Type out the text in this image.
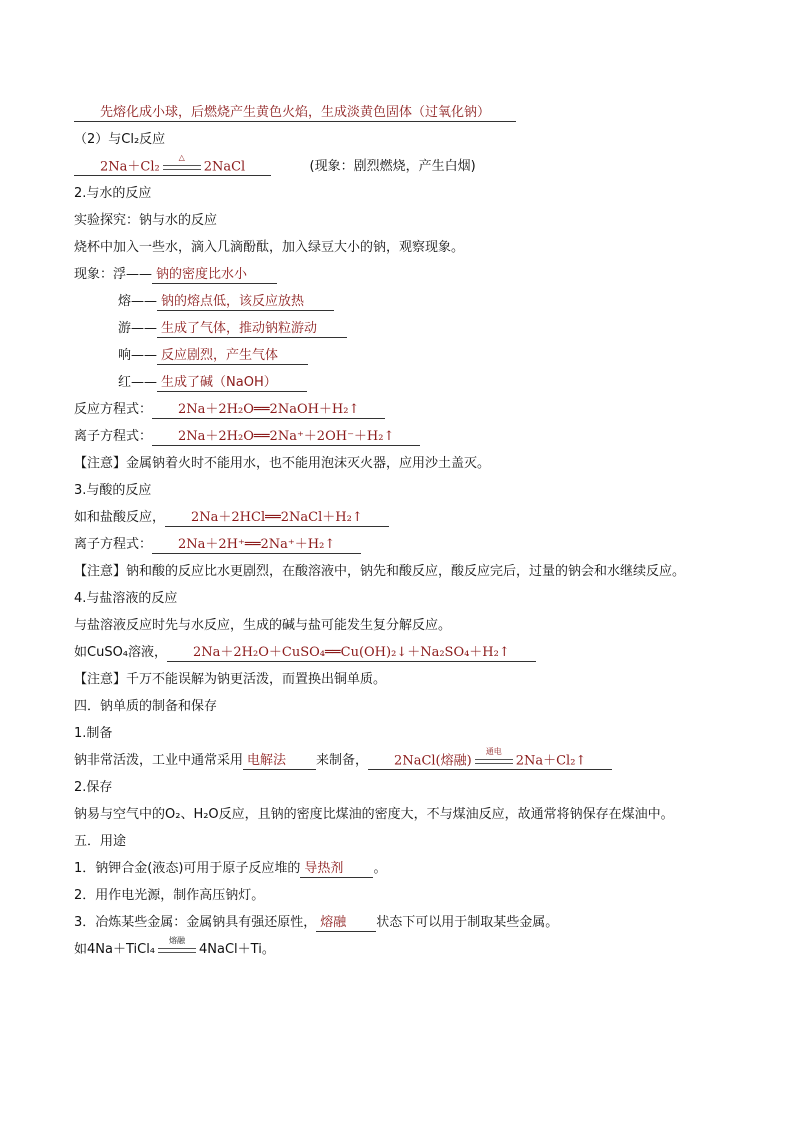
先熔化成小球，后燃烧产生黄色火焰，生成淡黄色固体（过氧化钠）
（2）与Cl₂反应
2Na＋Cl₂
△
2NaCl	(现象：剧烈燃烧，产生白烟)
2.与水的反应
实验探究：钠与水的反应
烧杯中加入一些水，滴入几滴酚酞，加入绿豆大小的钠，观察现象。
现象：浮—— 钠的密度比水小
熔—— 钠的熔点低，该反应放热
游—— 生成了气体，推动钠粒游动
响—— 反应剧烈，产生气体
红—— 生成了碱（NaOH）
反应方程式： 2Na＋2H₂O══2NaOH＋H₂↑
离子方程式： 2Na＋2H₂O══2Na⁺＋2OH⁻＋H₂↑
【注意】金属钠着火时不能用水，也不能用泡沫灭火器，应用沙土盖灭。
3.与酸的反应
如和盐酸反应， 2Na＋2HCl══2NaCl＋H₂↑
离子方程式： 2Na＋2H⁺══2Na⁺＋H₂↑
【注意】钠和酸的反应比水更剧烈，在酸溶液中，钠先和酸反应，酸反应完后，过量的钠会和水继续反应。
4.与盐溶液的反应
与盐溶液反应时先与水反应，生成的碱与盐可能发生复分解反应。
如CuSO₄溶液， 2Na＋2H₂O＋CuSO₄══Cu(OH)₂↓＋Na₂SO₄＋H₂↑
【注意】千万不能误解为钠更活泼，而置换出铜单质。
四．钠单质的制备和保存
1.制备
钠非常活泼，工业中通常采用 电解法 来制备， 2NaCl(熔融)
通电
2Na＋Cl₂↑
2.保存
钠易与空气中的O₂、H₂O反应，且钠的密度比煤油的密度大，不与煤油反应，故通常将钠保存在煤油中。
五．用途
1．钠钾合金(液态)可用于原子反应堆的 导热剂 。
2．用作电光源，制作高压钠灯。
3．冶炼某些金属：金属钠具有强还原性， 熔融 状态下可以用于制取某些金属。
如4Na＋TiCl₄
熔融
4NaCl＋Ti。
